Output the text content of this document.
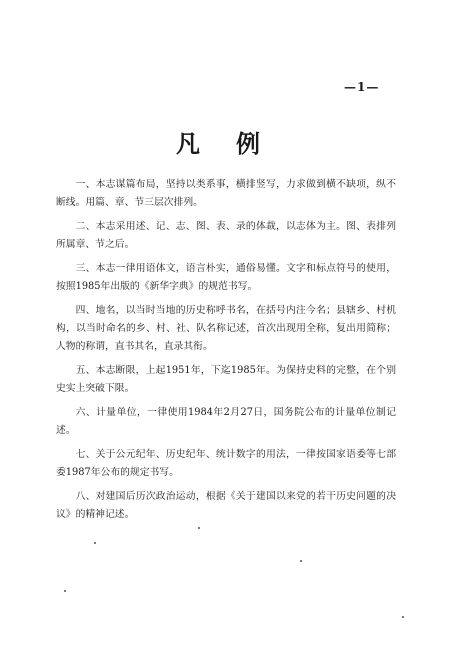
—1—
凡例

一、本志谋篇布局，坚持以类系事，横排竖写，力求做到横不缺项，纵不断线。用篇、章、节三层次排列。

二、本志采用述、记、志、图、表、录的体裁，以志体为主。图、表排列所属章、节之后。

三、本志一律用语体文，语言朴实，通俗易懂。文字和标点符号的使用，按照1985年出版的《新华字典》的规范书写。

四、地名，以当时当地的历史称呼书名，在括号内注今名；县辖乡、村机构，以当时命名的乡、村、社、队名称记述，首次出现用全称，复出用简称；人物的称谓，直书其名，直录其衔。

五、本志断限，上起1951年，下迄1985年。为保持史料的完整，在个别史实上突破下限。

六、计量单位，一律使用1984年2月27日，国务院公布的计量单位制记述。

七、关于公元纪年、历史纪年、统计数字的用法，一律按国家语委等七部委1987年公布的规定书写。

八、对建国后历次政治运动，根据《关于建国以来党的若干历史问题的决议》的精神记述。
